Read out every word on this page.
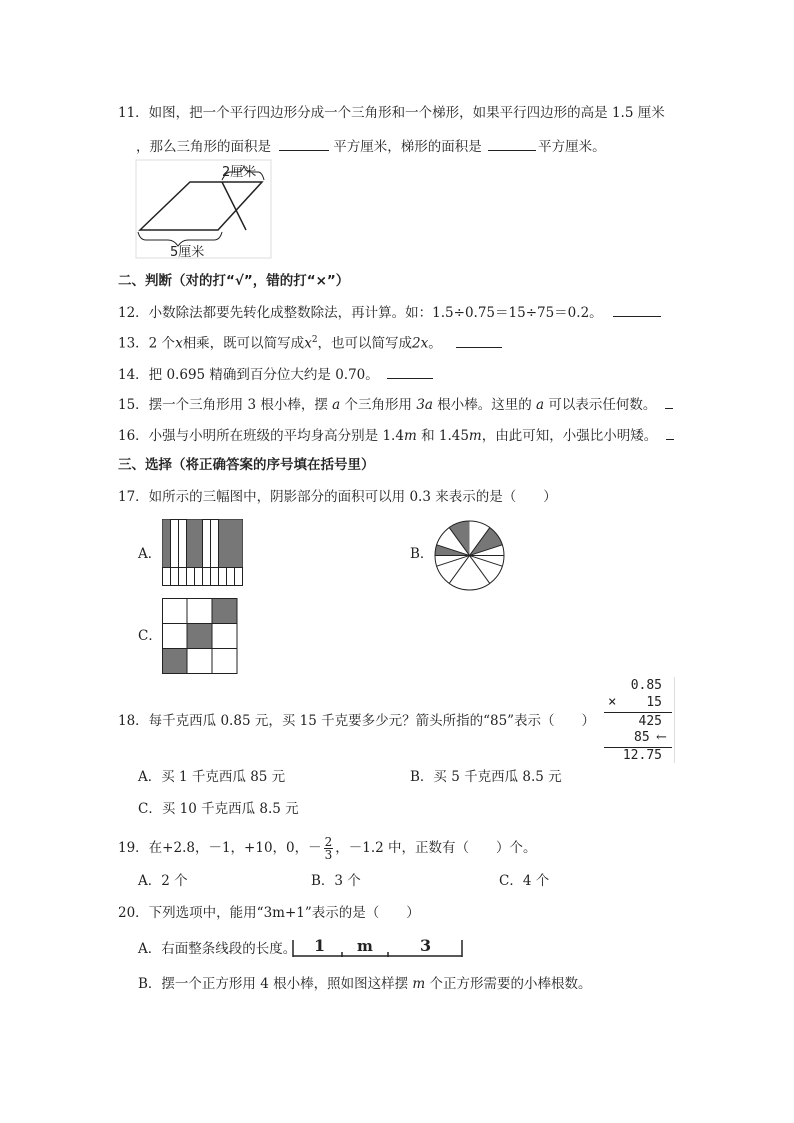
11．如图，把一个平行四边形分成一个三角形和一个梯形，如果平行四边形的高是 1.5 厘米
，那么三角形的面积是	平方厘米，梯形的面积是	平方厘米。
2厘米
5厘米
二、判断（对的打“√”，错的打“×”）
12．小数除法都要先转化成整数除法，再计算。如：1.5÷0.75＝15÷75＝0.2。
13．2 个x相乘，既可以简写成$x^2$，也可以简写成2x。
14．把 0.695 精确到百分位大约是 0.70。
15．摆一个三角形用 3 根小棒，摆 a 个三角形用 3a 根小棒。这里的 a 可以表示任何数。
16．小强与小明所在班级的平均身高分别是 1.4m 和 1.45m，由此可知，小强比小明矮。
三、选择（将正确答案的序号填在括号里）
17．如所示的三幅图中，阴影部分的面积可以用 0.3 来表示的是（　　）
A．	B．
C．
18．每千克西瓜 0.85 元，买 15 千克要多少元？箭头所指的“85”表示（　　）
0.85
× 15
425
85 ←
12.75
A．买 1 千克西瓜 85 元	B．买 5 千克西瓜 8.5 元
C．买 10 千克西瓜 8.5 元
19．在+2.8，－1，+10，0，－ $\frac{2}{3}$ ，－1.2 中，正数有（　　）个。
A．2 个	B．3 个	C．4 个
20．下列选项中，能用“3m+1”表示的是（　　）
A．右面整条线段的长度。 1 m	3
B．摆一个正方形用 4 根小棒，照如图这样摆 m 个正方形需要的小棒根数。
